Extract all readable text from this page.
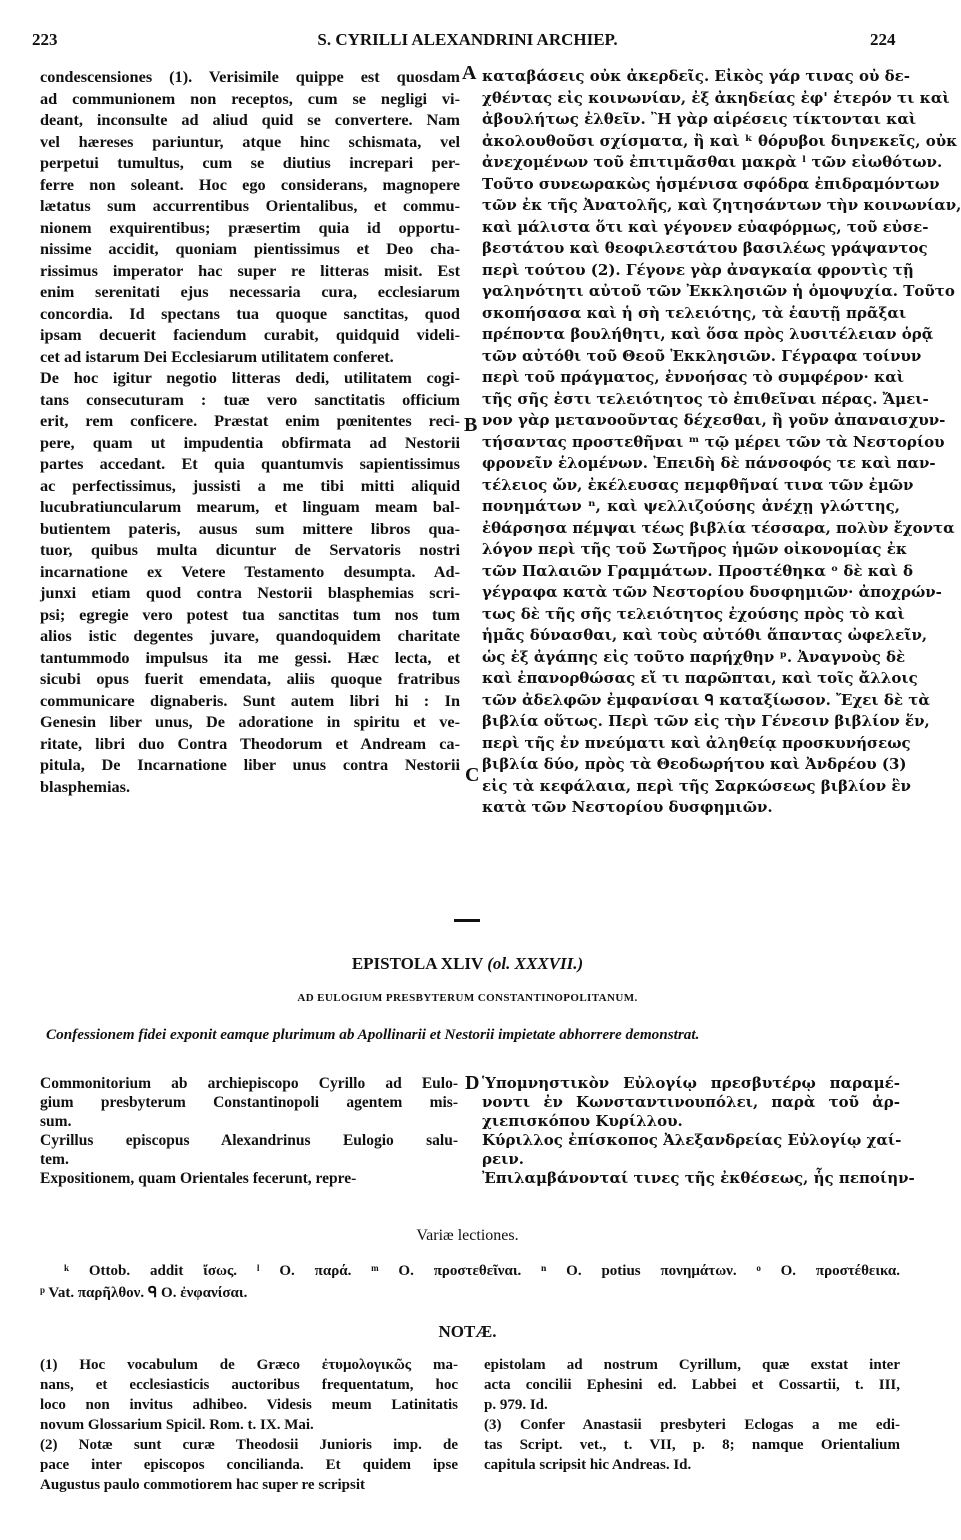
223	S. CYRILLI ALEXANDRINI ARCHIEP.	224
condescensiones (1). Verisimile quippe est quosdam
ad communionem non receptos, cum se negligi vi-
deant, inconsulte ad aliud quid se convertere. Nam
vel hæreses pariuntur, atque hinc schismata, vel
perpetui tumultus, cum se diutius increpari per-
ferre non soleant. Hoc ego considerans, magnopere
lætatus sum accurrentibus Orientalibus, et commu-
nionem exquirentibus; præsertim quia id opportu-
nissime accidit, quoniam pientissimus et Deo cha-
rissimus imperator hac super re litteras misit. Est
enim serenitati ejus necessaria cura, ecclesiarum
concordia. Id spectans tua quoque sanctitas, quod
ipsam decuerit faciendum curabit, quidquid videli-
cet ad istarum Dei Ecclesiarum utilitatem conferet.
De hoc igitur negotio litteras dedi, utilitatem cogi-
tans consecuturam : tuæ vero sanctitatis officium
erit, rem conficere. Præstat enim pœnitentes reci-
pere, quam ut impudentia obfirmata ad Nestorii
partes accedant. Et quia quantumvis sapientissimus
ac perfectissimus, jussisti a me tibi mitti aliquid
lucubratiuncularum mearum, et linguam meam bal-
butientem pateris, ausus sum mittere libros qua-
tuor, quibus multa dicuntur de Servatoris nostri
incarnatione ex Vetere Testamento desumpta. Ad-
junxi etiam quod contra Nestorii blasphemias scri-
psi; egregie vero potest tua sanctitas tum nos tum
alios istic degentes juvare, quandoquidem charitate
tantummodo impulsus ita me gessi. Hæc lecta, et
sicubi opus fuerit emendata, aliis quoque fratribus
communicare dignaberis. Sunt autem libri hi : In
Genesin liber unus, De adoratione in spiritu et ve-
ritate, libri duo Contra Theodorum et Andream ca-
pitula, De Incarnatione liber unus contra Nestorii
blasphemias.
καταβάσεις οὐκ ἀκερδεῖς. Εἰκὸς γάρ τινας οὐ δε-
χθέντας εἰς κοινωνίαν, ἐξ ἀκηδείας ἐφ' ἑτερόν τι καὶ
ἀβουλήτως ἐλθεῖν. Ἢ γὰρ αἱρέσεις τίκτονται καὶ
ἀκολουθοῦσι σχίσματα, ἢ καὶ ᵏ θόρυβοι διηνεκεῖς, οὐκ
ἀνεχομένων τοῦ ἐπιτιμᾶσθαι μακρὰ ˡ τῶν εἰωθότων.
Τοῦτο συνεωρακὼς ἡσμένισα σφόδρα ἐπιδραμόντων
τῶν ἐκ τῆς Ἀνατολῆς, καὶ ζητησάντων τὴν κοινωνίαν,
καὶ μάλιστα ὅτι καὶ γέγονεν εὐαφόρμως, τοῦ εὐσε-
βεστάτου καὶ θεοφιλεστάτου βασιλέως γράψαντος
περὶ τούτου (2). Γέγονε γὰρ ἀναγκαία φροντὶς τῇ
γαληνότητι αὐτοῦ τῶν Ἐκκλησιῶν ἡ ὁμοψυχία. Τοῦτο
σκοπήσασα καὶ ἡ σὴ τελειότης, τὰ ἑαυτῇ πρᾶξαι
πρέποντα βουλήθητι, καὶ ὅσα πρὸς λυσιτέλειαν ὁρᾷ
τῶν αὐτόθι τοῦ Θεοῦ Ἐκκλησιῶν. Γέγραφα τοίνυν
περὶ τοῦ πράγματος, ἐννοήσας τὸ συμφέρον· καὶ
τῆς σῆς ἐστι τελειότητος τὸ ἐπιθεῖναι πέρας. Ἄμει-
νον γὰρ μετανοοῦντας δέχεσθαι, ἢ γοῦν ἀπαναισχυν-
τήσαντας προστεθῆναι ᵐ τῷ μέρει τῶν τὰ Νεστορίου
φρονεῖν ἑλομένων. Ἐπειδὴ δὲ πάνσοφός τε καὶ παν-
τέλειος ὤν, ἐκέλευσας πεμφθῆναί τινα τῶν ἐμῶν
πονημάτων ⁿ, καὶ ψελλιζούσης ἀνέχῃ γλώττης,
ἐθάρσησα πέμψαι τέως βιβλία τέσσαρα, πολὺν ἔχοντα
λόγον περὶ τῆς τοῦ Σωτῆρος ἡμῶν οἰκονομίας ἐκ
τῶν Παλαιῶν Γραμμάτων. Προστέθηκα ᵒ δὲ καὶ δ
γέγραφα κατὰ τῶν Νεστορίου δυσφημιῶν· ἀποχρών-
τως δὲ τῆς σῆς τελειότητος ἐχούσης πρὸς τὸ καὶ
ἡμᾶς δύνασθαι, καὶ τοὺς αὐτόθι ἅπαντας ὠφελεῖν,
ὡς ἐξ ἀγάπης εἰς τοῦτο παρήχθην ᵖ. Ἀναγνοὺς δὲ
καὶ ἐπανορθώσας εἴ τι παρῶπται, καὶ τοῖς ἄλλοις
τῶν ἀδελφῶν ἐμφανίσαι ᑫ καταξίωσον. Ἔχει δὲ τὰ
βιβλία οὕτως. Περὶ τῶν εἰς τὴν Γένεσιν βιβλίον ἕν,
περὶ τῆς ἐν πνεύματι καὶ ἀληθείᾳ προσκυνήσεως
βιβλία δύο, πρὸς τὰ Θεοδωρήτου καὶ Ἀνδρέου (3)
εἰς τὰ κεφάλαια, περὶ τῆς Σαρκώσεως βιβλίον ἓν
κατὰ τῶν Νεστορίου δυσφημιῶν.
A
B
C
D
EPISTOLA XLIV (ol. XXXVII.)
AD EULOGIUM PRESBYTERUM CONSTANTINOPOLITANUM.
Confessionem fidei exponit eamque plurimum ab Apollinarii et Nestorii impietate abhorrere demonstrat.
Commonitorium ab archiepiscopo Cyrillo ad Eulo-
gium presbyterum Constantinopoli agentem mis-
sum.
Cyrillus episcopus Alexandrinus Eulogio salu-
tem.
Expositionem, quam Orientales fecerunt, repre-
Ὑπομνηστικὸν Εὐλογίῳ πρεσβυτέρῳ παραμέ-
νοντι ἐν Κωνσταντινουπόλει, παρὰ τοῦ ἀρ-
χιεπισκόπου Κυρίλλου.
Κύριλλος ἐπίσκοπος Ἀλεξανδρείας Εὐλογίῳ χαί-
ρειν.
Ἐπιλαμβάνονταί τινες τῆς ἐκθέσεως, ἧς πεποίην-
Variæ lectiones.
ᵏ Ottob. addit ἴσως. ˡ O. παρά. ᵐ O. προστεθεῖναι. ⁿ O. potius πονημάτων. ᵒ O. προστέθεικα.
ᵖ Vat. παρῆλθον. ᑫ O. ἐνφανίσαι.
NOTÆ.
(1) Hoc vocabulum de Græco ἐτυμολογικῶς ma-
nans, et ecclesiasticis auctoribus frequentatum, hoc
loco non invitus adhibeo. Videsis meum Latinitatis
novum Glossarium Spicil. Rom. t. IX. Mai.
(2) Notæ sunt curæ Theodosii Junioris imp. de
pace inter episcopos concilianda. Et quidem ipse
Augustus paulo commotiorem hac super re scripsit
epistolam ad nostrum Cyrillum, quæ exstat inter
acta concilii Ephesini ed. Labbei et Cossartii, t. III,
p. 979. Id.
(3) Confer Anastasii presbyteri Eclogas a me edi-
tas Script. vet., t. VII, p. 8; namque Orientalium
capitula scripsit hic Andreas. Id.
